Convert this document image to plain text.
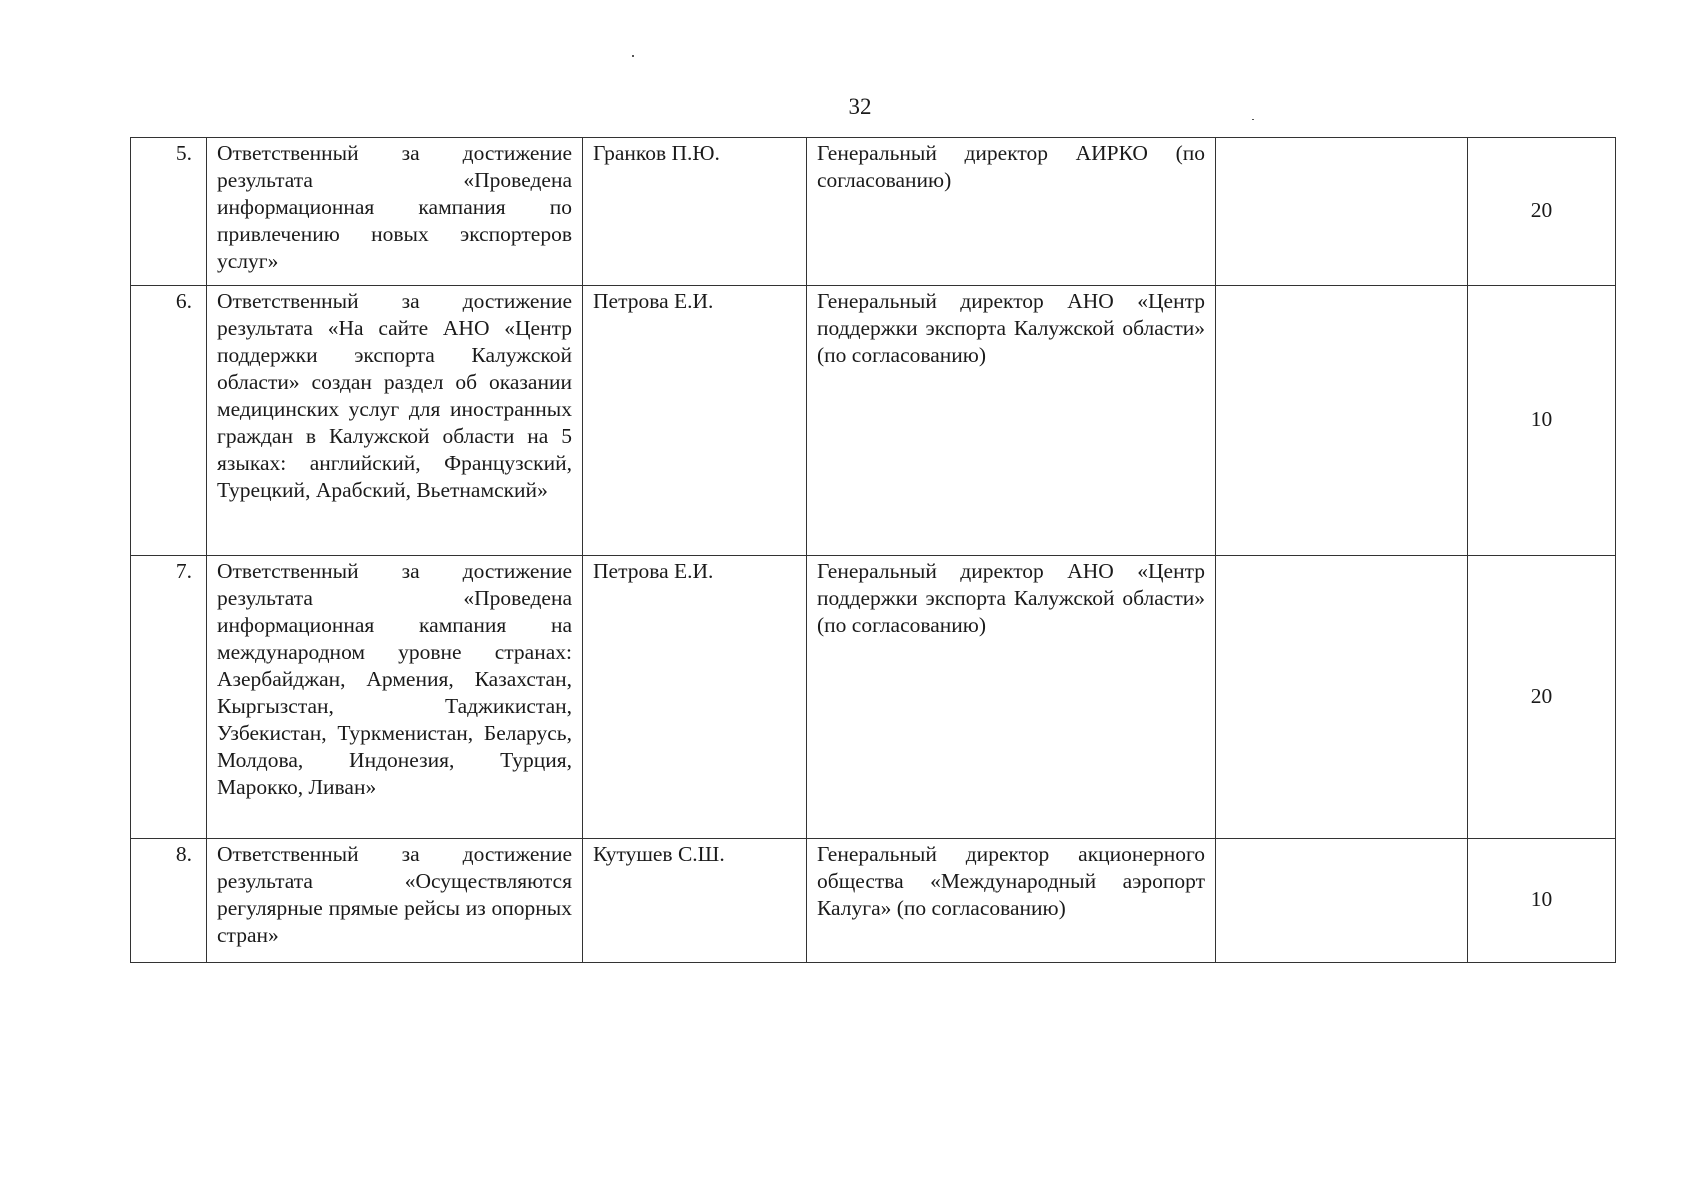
32
5.	Ответственный за достижение результата «Проведена информационная кампания по привлечению новых экспортеров услуг»	Гранков П.Ю.	Генеральный директор АИРКО (по согласованию)		20
6.	Ответственный за достижение результата «На сайте АНО «Центр поддержки экспорта Калужской области» создан раздел об оказании медицинских услуг для иностранных граждан в Калужской области на 5 языках: английский, Французский, Турецкий, Арабский, Вьетнамский»	Петрова Е.И.	Генеральный директор АНО «Центр поддержки экспорта Калужской области» (по согласованию)		10
7.	Ответственный за достижение результата «Проведена информационная кампания на международном уровне странах: Азербайджан, Армения, Казахстан, Кыргызстан, Таджикистан, Узбекистан, Туркменистан, Беларусь, Молдова, Индонезия, Турция, Марокко, Ливан»	Петрова Е.И.	Генеральный директор АНО «Центр поддержки экспорта Калужской области» (по согласованию)		20
8.	Ответственный за достижение результата «Осуществляются регулярные прямые рейсы из опорных стран»	Кутушев С.Ш.	Генеральный директор акционерного общества «Международный аэропорт Калуга» (по согласованию)		10
